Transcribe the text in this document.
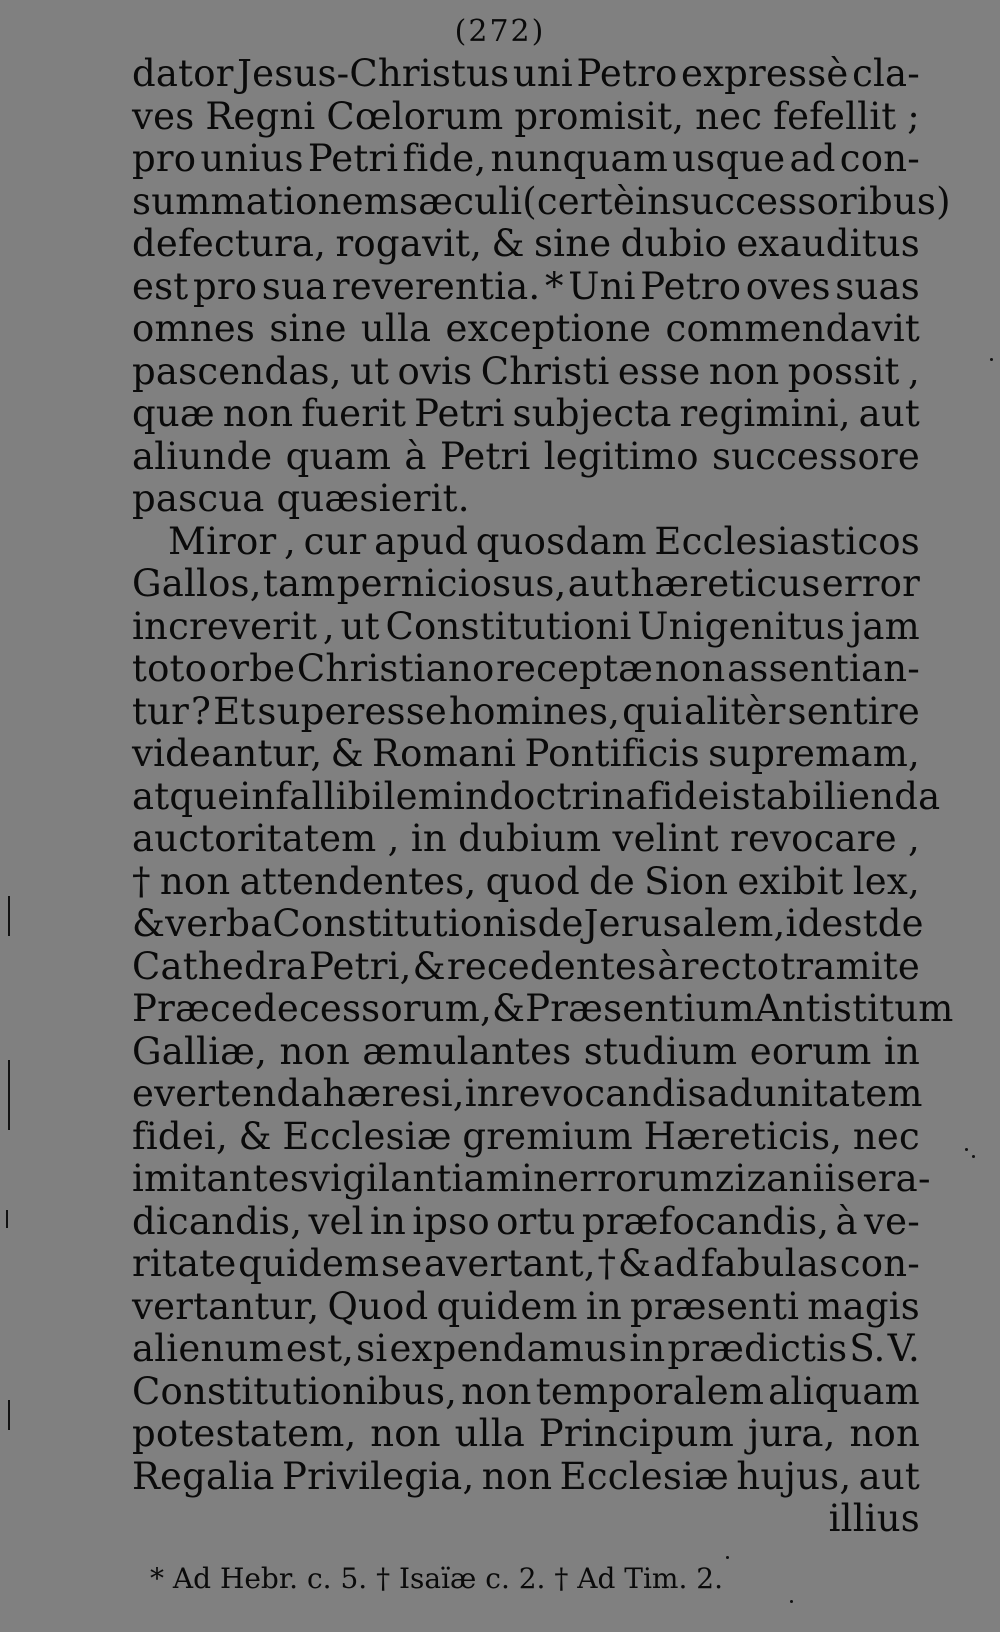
(272)
dator Jesus-Christus uni Petro expressè cla-
ves Regni Cœlorum promisit, nec fefellit ;
pro unius Petri fide, nunquam usque ad con-
summationem sæculi ( certè in successoribus)
defectura, rogavit, & sine dubio exauditus
est pro sua reverentia. * Uni Petro oves suas
omnes sine ulla exceptione commendavit
pascendas, ut ovis Christi esse non possit ,
quæ non fuerit Petri subjecta regimini, aut
aliunde quam à Petri legitimo successore
pascua quæsierit.
Miror , cur apud quosdam Ecclesiasticos
Gallos, tam perniciosus, aut hæreticus error
increverit , ut Constitutioni Unigenitus jam
toto orbe Christiano receptæ non assentian-
tur ? Et superesse homines, qui alitèr sentire
videantur, & Romani Pontificis supremam,
atque infallibilem in doctrina fidei stabilienda
auctoritatem , in dubium velint revocare ,
† non attendentes, quod de Sion exibit lex,
& verba Constitutionis de Jerusalem, id est de
Cathedra Petri, & recedentes à recto tramite
Præcedecessorum, & Præsentium Antistitum
Galliæ, non æmulantes studium eorum in
evertenda hæresi, in revocandis ad unitatem
fidei, & Ecclesiæ gremium Hæreticis, nec
imitantes vigilantiam in errorum zizaniis era-
dicandis, vel in ipso ortu præfocandis, à ve-
ritate quidem se avertant, † & ad fabulas con-
vertantur, Quod quidem in præsenti magis
alienum est, si expendamus in prædictis S. V.
Constitutionibus, non temporalem aliquam
potestatem, non ulla Principum jura, non
Regalia Privilegia, non Ecclesiæ hujus, aut
illius
* Ad Hebr. c. 5. † Isaïæ c. 2. † Ad Tim. 2.
